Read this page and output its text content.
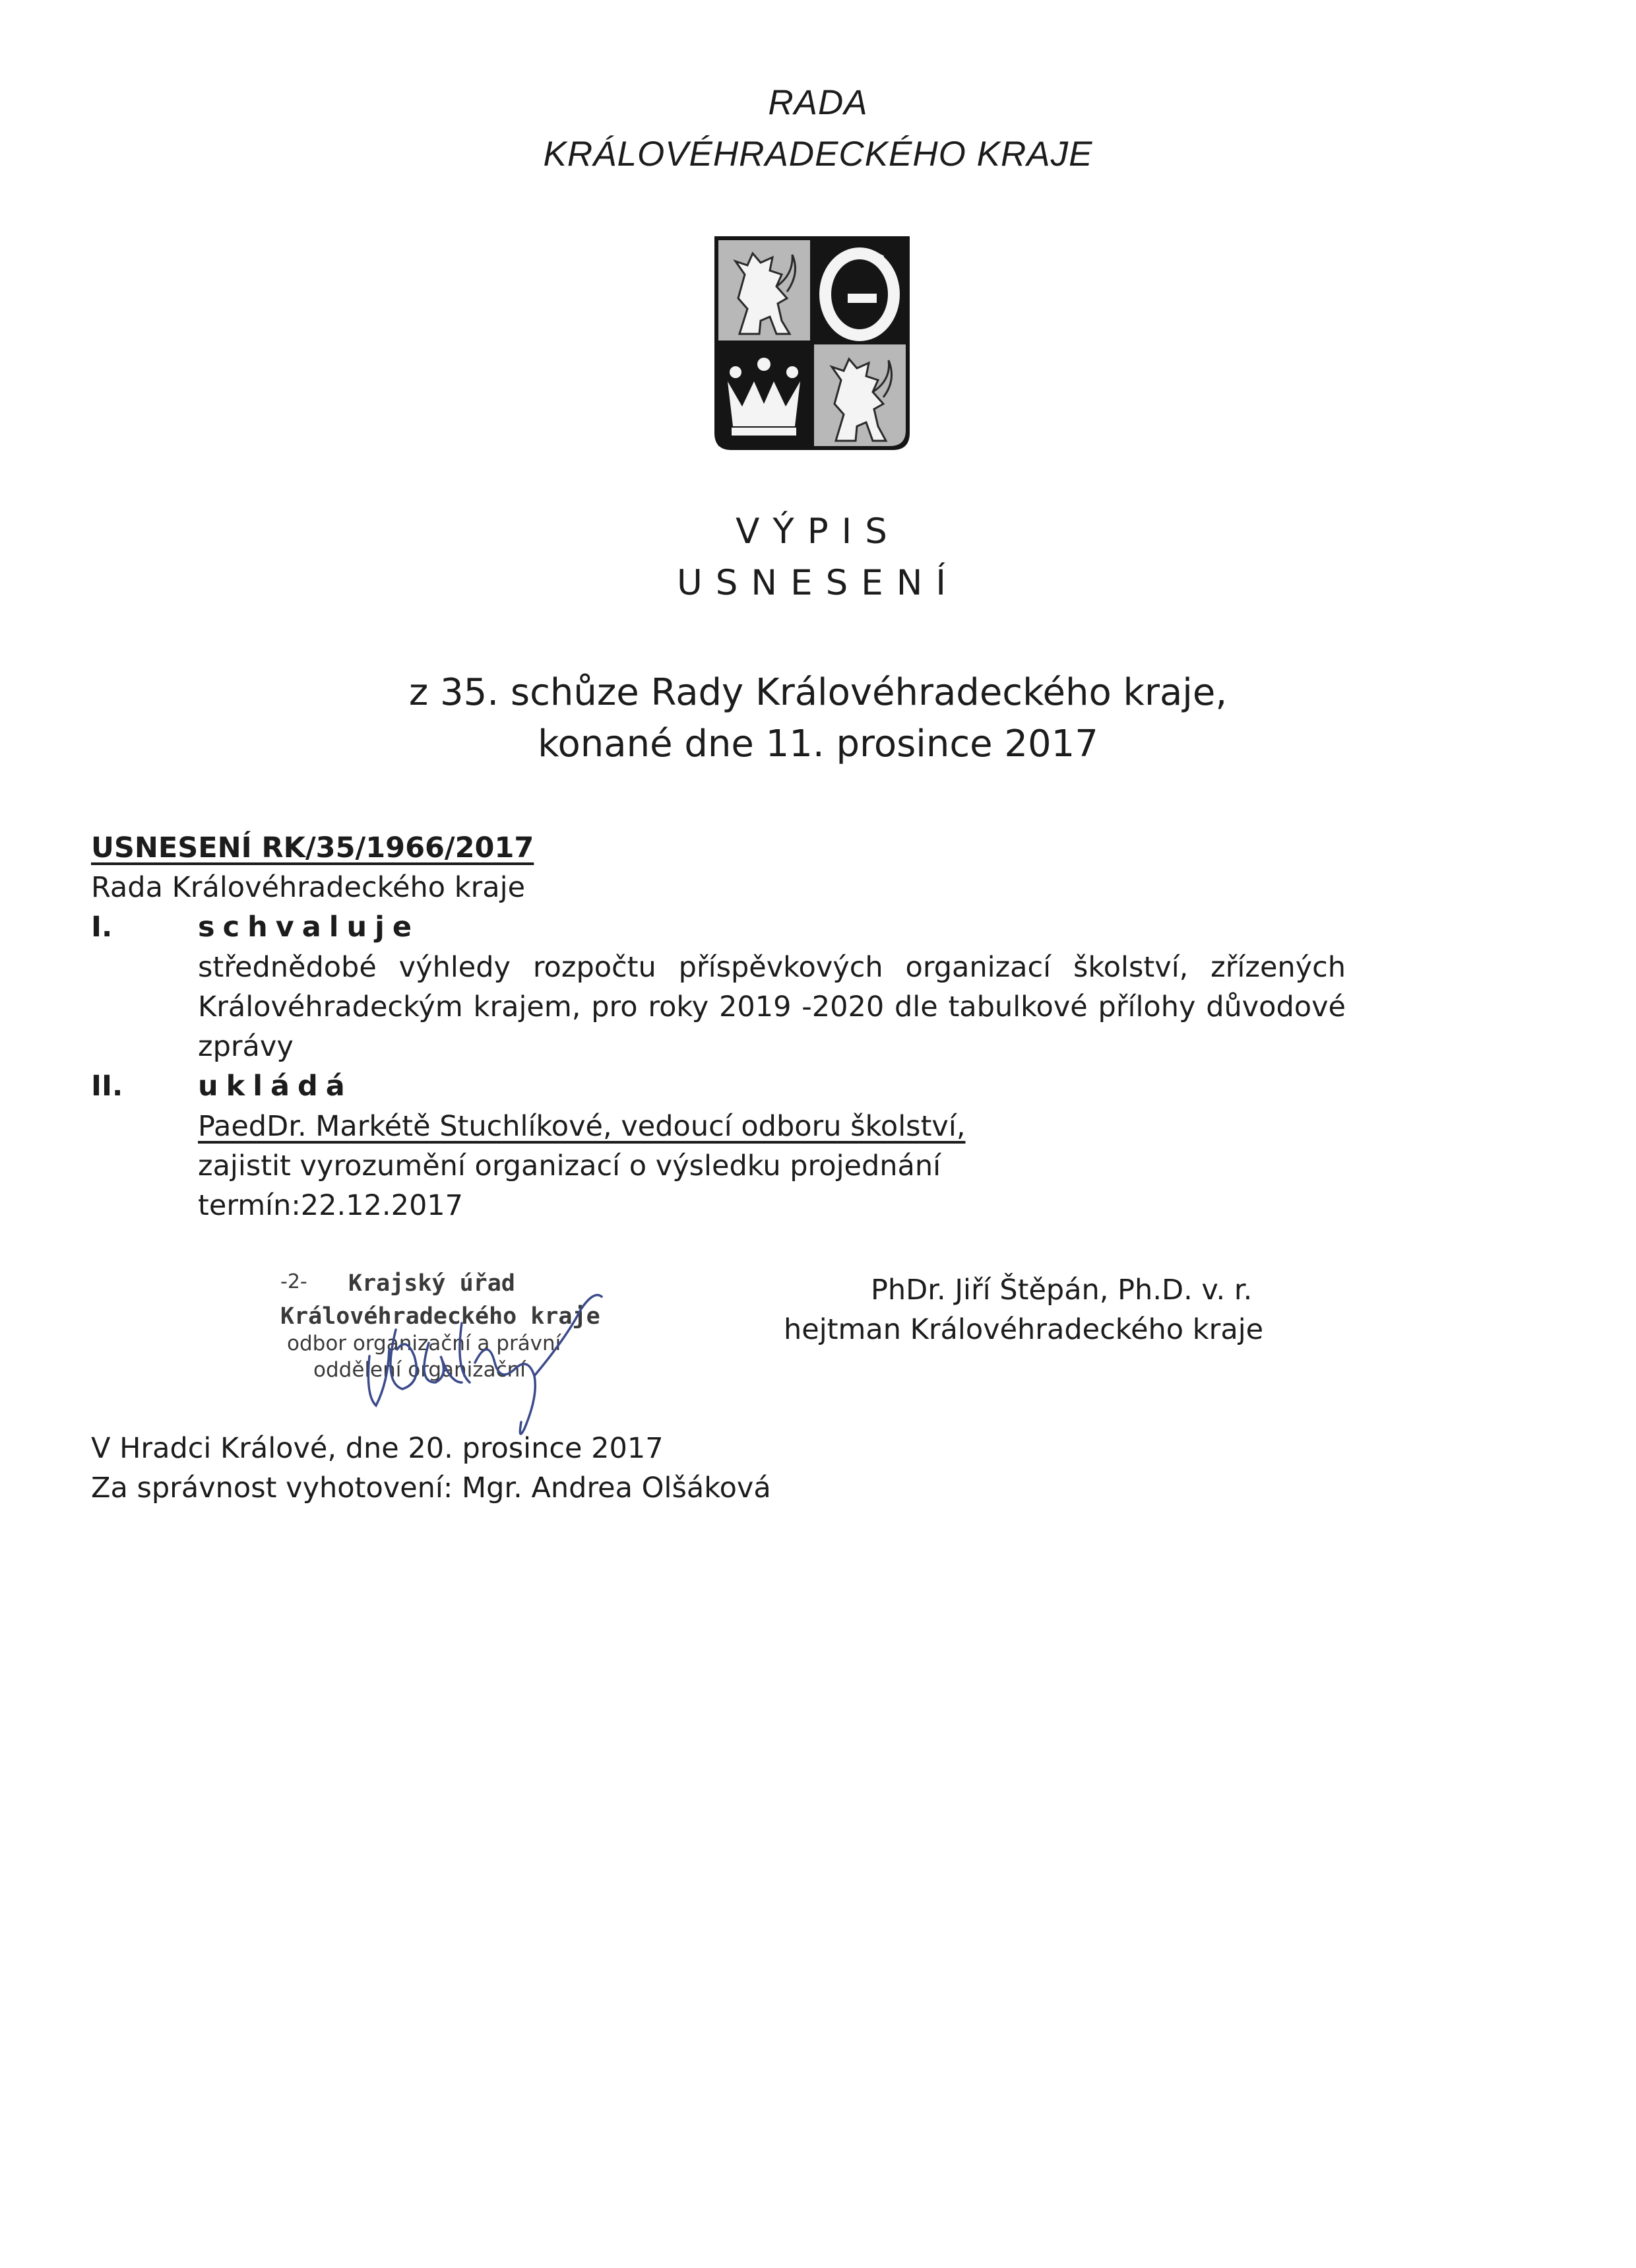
RADA
KRÁLOVÉHRADECKÉHO KRAJE
VÝPIS
USNESENÍ
z 35. schůze Rady Královéhradeckého kraje,
konané dne 11. prosince 2017
USNESENÍ RK/35/1966/2017
Rada Královéhradeckého kraje
I.	schvaluje
střednědobé výhledy rozpočtu příspěvkových organizací školství, zřízených
Královéhradeckým krajem, pro roky 2019 -2020 dle tabulkové přílohy důvodové
zprávy
II.	ukládá
PaedDr. Markétě Stuchlíkové, vedoucí odboru školství,
zajistit vyrozumění organizací o výsledku projednání
termín:22.12.2017
-2- Krajský úřad
Královéhradeckého kraje
odbor organizační a právní
oddělení organizační
PhDr. Jiří Štěpán, Ph.D. v. r.
hejtman Královéhradeckého kraje
V Hradci Králové, dne 20. prosince 2017
Za správnost vyhotovení: Mgr. Andrea Olšáková
